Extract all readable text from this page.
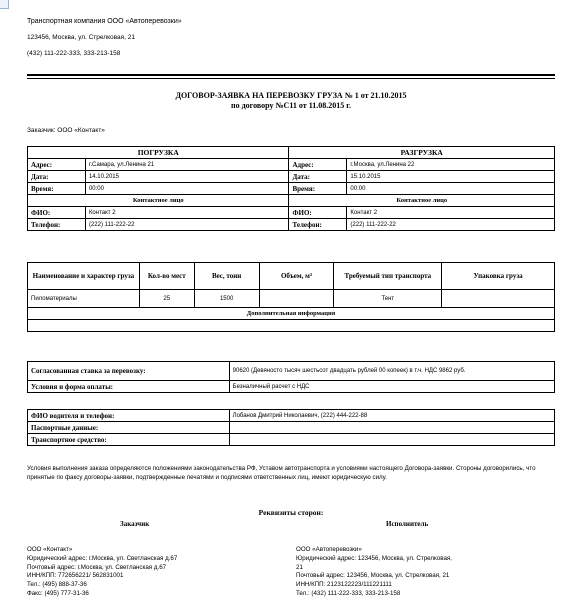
Транспортная компания ООО «Автоперевозки»
123456, Москва, ул. Стрелковая, 21
(432) 111-222-333, 333-213-158
ДОГОВОР-ЗАЯВКА НА ПЕРЕВОЗКУ ГРУЗА № 1 от 21.10.2015
по договору №С11 от 11.08.2015 г.
Заказчик: ООО «Контакт»
ПОГРУЗКА		РАЗГРУЗКА	
Адрес:	г.Самара, ул.Ленина 21	Адрес:	г.Москва, ул.Ленина 22
Дата:	14.10.2015	Дата:	15.10.2015
Время:	00:00	Время:	00:00
Контактное лицо		Контактное лицо	
ФИО:	Контакт 2	ФИО:	Контакт 2
Телефон:	(222) 111-222-22	Телефон:	(222) 111-222-22
Наименование и характер груза	Кол-во мест	Вес, тонн	Объем, м³	Требуемый тип транспорта	Упаковка груза
Пиломатериалы	25	1500		Тент	
Дополнительная информация					

Согласованная ставка за перевозку:	90620 (Девяносто тысяч шестьсот двадцать рублей 00 копеек) в т.ч. НДС 9862 руб.
Условия и форма оплаты:	Безналичный расчет с НДС
ФИО водителя и телефон:	Лобанов Дмитрий Николаевич, (222) 444-222-88
Паспортные данные:	
Транспортное средство:	
Условия выполнения заказа определяются положениями законодательства РФ, Уставом автотранспорта и условиями настоящего Договора-заявки. Стороны договорились, что принятые по факсу договоры-заявки, подтвержденные печатями и подписями ответственных лиц, имеют юридическую силу.
Реквизиты сторон:
Заказчик	Исполнитель
ООО «Контакт»
Юридический адрес: г.Москва, ул. Светланская д.67
Почтовый адрес: г.Москва, ул. Светланская д.67
ИНН/КПП: 772656221/ 562831001
Тел.: (495) 888-37-36
Факс: (495) 777-31-36
ООО «Автоперевозки»
Юридический адрес: 123456, Москва, ул. Стрелковая,
21
Почтовый адрес: 123456, Москва, ул. Стрелковая, 21
ИНН/КПП: 2123122223/111221111
Тел.: (432) 111-222-333, 333-213-158
